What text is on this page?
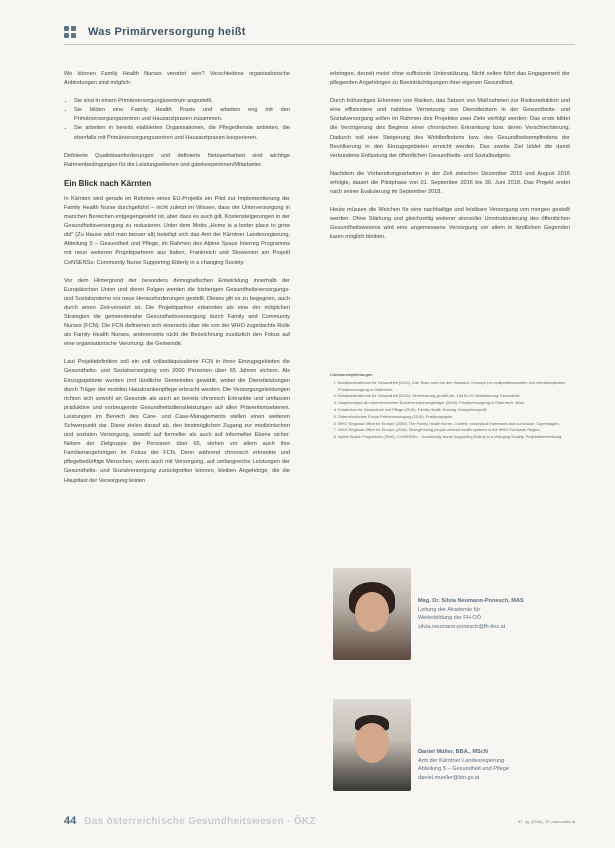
Was Primärversorgung heißt

Wo können Family Health Nurses verortet sein? Verschiedene organisatorische Anbindungen sind möglich:

• Sie sind in einem Primärversorgungszentrum angestellt.
• Sie bilden eine Family Health Praxis und arbeiten eng mit den Primärversorgungszentren und Hausarztpraxen zusammen.
• Sie arbeiten in bereits etablierten Organisationen, die Pflegedienste anbieten, die ebenfalls mit Primärversorgungszentren und Hausarztpraxen kooperieren.

Definierte Qualitätsanforderungen und definierte Netzwerkarbeit sind wichtige Rahmenbedingungen für die Leistungsebenen und gatekeeperinnen/Mitarbeiter.

Ein Blick nach Kärnten

In Kärnten wird gerade im Rahmen eines EU-Projekts ein Pilot zur Implementierung der Family Health Nurse durchgeführt – nicht zuletzt im Wissen, dass der Unterversorgung in manchen Bereichen entgegengewirkt ist, aber dass es auch gilt, Kostensteigerungen in der Gesundheitsversorgung zu reduzieren. Unter dem Motto „Home is a better place to grow old“ (Zu Hause wird man besser alt) beteiligt sich das Amt der Kärntner Landesregierung, Abteilung 5 – Gesundheit und Pflege, im Rahmen des Alpine Space Interreg Programms mit neun weiteren Projektpartnern aus Italien, Frankreich und Slowenien am Projekt CoNSENSo: Community Nurse Supporting Elderly in a changing Society.

Vor dem Hintergrund der besonders demografischen Entwicklung innerhalb der Europäischen Union und deren Folgen werden die bisherigen Gesundheitsversorgungs- und Sozialsysteme vor neue Herausforderungen gestellt. Dieses gilt es zu begegnen, auch durch einen Zeit-versetzt ist. Die Projektpartner erkannten als eine der möglichen Strategien die gemeindenahe Gesundheitsversorgung durch Family and Community Nurses (FCN). Die FCN definieren sich einerseits über die von der WHO zugedachte Rolle als Family Health Nurses, andererseits rückt die Bezeichnung zusätzlich den Fokus auf eine organisatorische Verortung: die Gemeinde.

Laut Projektdefinition soll ein voll vollzeitäquivalente FCN in ihren Einzugsgebieten die Gesundheits- und Sozialversorgung von 2000 Personen über 65 Jahren sichern. Als Einzugsgebiete wurden (mit ländliche Gemeinden gewählt, wobei die Dienstleistungen durch Träger der mobilen Hauskrankenpflege erbracht werden. Die Versorgungsleistungen richten sich sowohl an Gesunde als auch an bereits chronisch Erkrankte und umfassen präduktive und vorbeugende Gesundheitsdienstleistungen auf allen Präventionsebenen. Leistungen im Bereich des Care- und Case-Managements stellen einen weiteren Schwerpunkt dar. Diese zielen darauf ab, den bestmöglichen Zugang zur medizinischen und sozialen Versorgung, sowohl auf formeller als auch auf informeller Ebene sicher. Neben der Zielgruppe der Personen über 65, stehen vor allem auch ihre Familienangehörigen im Fokus der FCN. Denn während chronisch erkrankte und pflegebedürftige Menschen, wenn auch mit Versorgung, auf umfangreiche Leistungen der Gesundheits- und Sozialversorgung zurückgreifen können, bleiben Angehörige, die die Hauptlast der Versorgung leisten

erbringen, derzeit meist ohne sufficiente Unterstützung. Nicht selten führt das Engagement der pflegenden Angehörigen zu Beeinträchtigungen ihrer eigenen Gesundheit.

Durch frühzeitiges Erkennen von Risiken, das Setzen von Maßnahmen zur Risikoreduktion und eine effizientere und nahtlose Vernetzung von Dienstleistern in der Gesundheits- und Sozialversorgung sollen im Rahmen des Projektes zwei Ziele verfolgt werden: Das erste bildet die Verzögerung des Beginns einer chronischen Erkrankung bzw. deren Verschlechterung. Dadurch soll eine Steigerung des Wohlbefindens bzw. des Gesundheitsempfindens der Bevölkerung in den Einzugsgebieten erreicht werden. Das zweite Ziel bildet die damit verbundene Entlastung der öffentlichen Gesundheits- und Sozialbudgets.

Nachdem die Vorbereitungsarbeiten in der Zeit zwischen Dezember 2015 und August 2016 erfolgte, dauert die Pilotphase von 01. September 2016 bis 30. Juni 2018. Das Projekt endet nach seiner Evaluierung im September 2018.

Heute müssen die Weichen für eine nachhaltige und leistbare Versorgung von morgen gestellt werden. Ohne Stärkung und gleichzeitig weiterer sinnvoller Umstrukturierung des öffentlichen Gesundheitswesens wird eine angemessene Versorgung vor allem in ländlichen Gegenden kaum möglich bleiben.

Literaturempfehlungen
1. Bundesministerium für Gesundheit (2014): Das Team rund um den Hausarzt. Konzept zur multiprofessionellen und interdisziplinären Primärversorgung in Österreich.
2. Bundesministerium für Gesundheit (2016): Vereinbarung gemäß Art. 15a B-VG Zielsteuerung-Gesundheit.
3. Hauptverband der österreichischen Sozialversicherungsträger (2016): Primärversorgung in Österreich. Wien.
4. Kuratorium für Gesundheit und Pflege (2015): Family Health Nursing. Kompetenzprofil.
5. Österreichisches Forum Primärversorgung (2015): Positionspapier.
6. WHO Regional Office for Europe (2000): The Family Health Nurse. Context, conceptual framework and curriculum. Copenhagen.
7. WHO Regional Office for Europe (2016): Strengthening people-centred health systems in the WHO European Region.
8. Alpine Space Programme (2016): CoNSENSo – Community Nurse Supporting Elderly in a changing Society. Projektbeschreibung.
Mag. Dr. Silvia Neumann-Ponesch, MAS
Leitung der Akademie für
Weiterbildung der FH OÖ
silvia.neumann-ponesch@fh-linz.at
Daniel Müller, BBA., MScN
Amt der Kärntner Landesregierung
Abteilung 5 – Gesundheit und Pflege
daniel.mueller@ktn.gv.at
44 Das österreichische Gesundheitswesen · ÖKZ	57. Jg. (2016), 10 | www.oekz.at
